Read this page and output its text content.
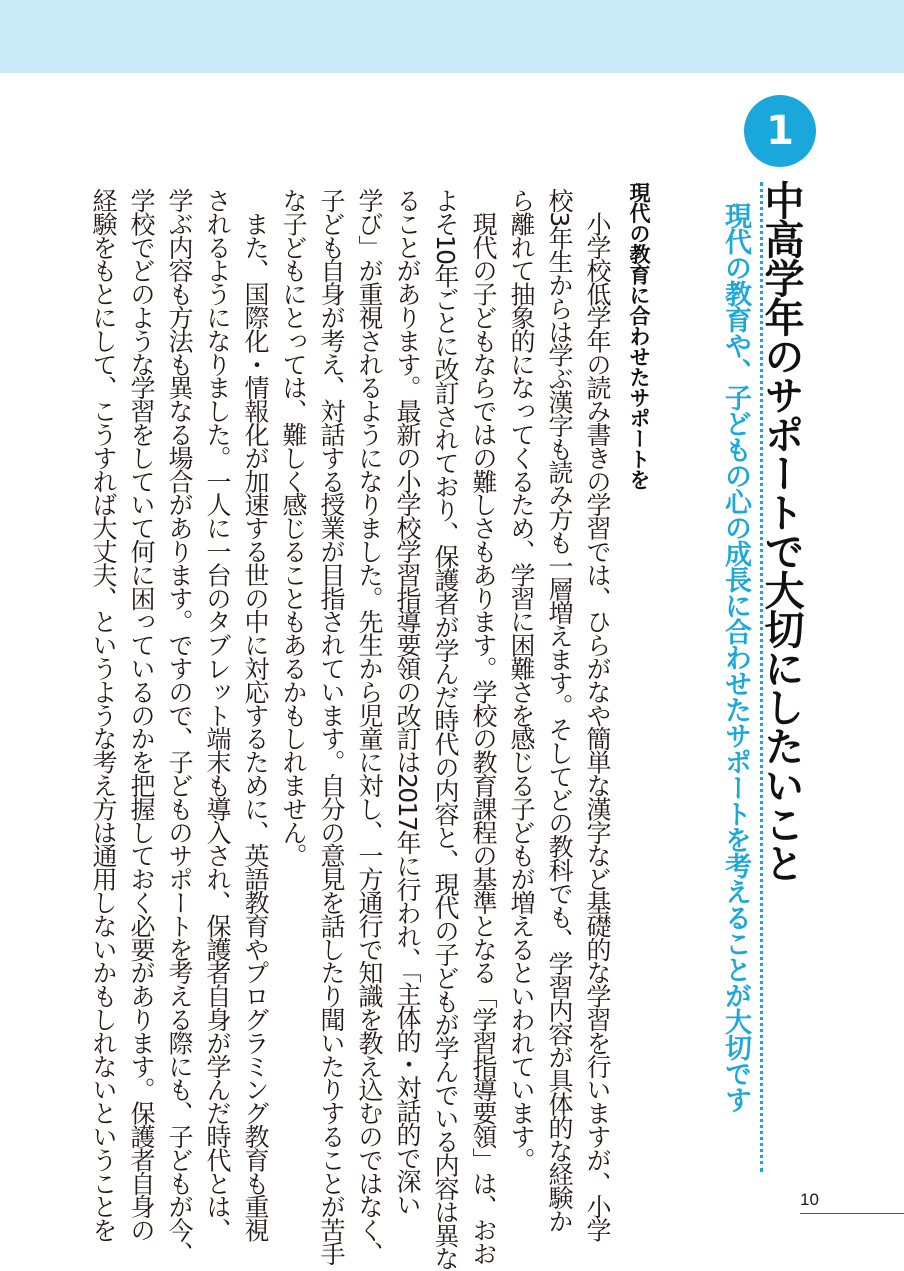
1

中高学年のサポートで大切にしたいこと

現代の教育や、子どもの心の成長に合わせたサポートを考えることが大切です

現代の教育に合わせたサポートを

　小学校低学年の読み書きの学習では、ひらがなや簡単な漢字など基礎的な学習を行いますが、小学

校3年生からは学ぶ漢字も読み方も一層増えます。そしてどの教科でも、学習内容が具体的な経験か

ら離れて抽象的になってくるため、学習に困難さを感じる子どもが増えるといわれています。

　現代の子どもならではの難しさもあります。学校の教育課程の基準となる「学習指導要領」は、おお

よそ10年ごとに改訂されており、保護者が学んだ時代の内容と、現代の子どもが学んでいる内容は異な

ることがあります。最新の小学校学習指導要領の改訂は2017年に行われ、「主体的・対話的で深い

学び」が重視されるようになりました。先生から児童に対し、一方通行で知識を教え込むのではなく、

子ども自身が考え、対話する授業が目指されています。自分の意見を話したり聞いたりすることが苦手

な子どもにとっては、難しく感じることもあるかもしれません。

　また、国際化・情報化が加速する世の中に対応するために、英語教育やプログラミング教育も重視

されるようになりました。一人に一台のタブレット端末も導入され、保護者自身が学んだ時代とは、

学ぶ内容も方法も異なる場合があります。ですので、子どものサポートを考える際にも、子どもが今、

学校でどのような学習をしていて何に困っているのかを把握しておく必要があります。保護者自身の

経験をもとにして、こうすれば大丈夫、というような考え方は通用しないかもしれないということを	10
